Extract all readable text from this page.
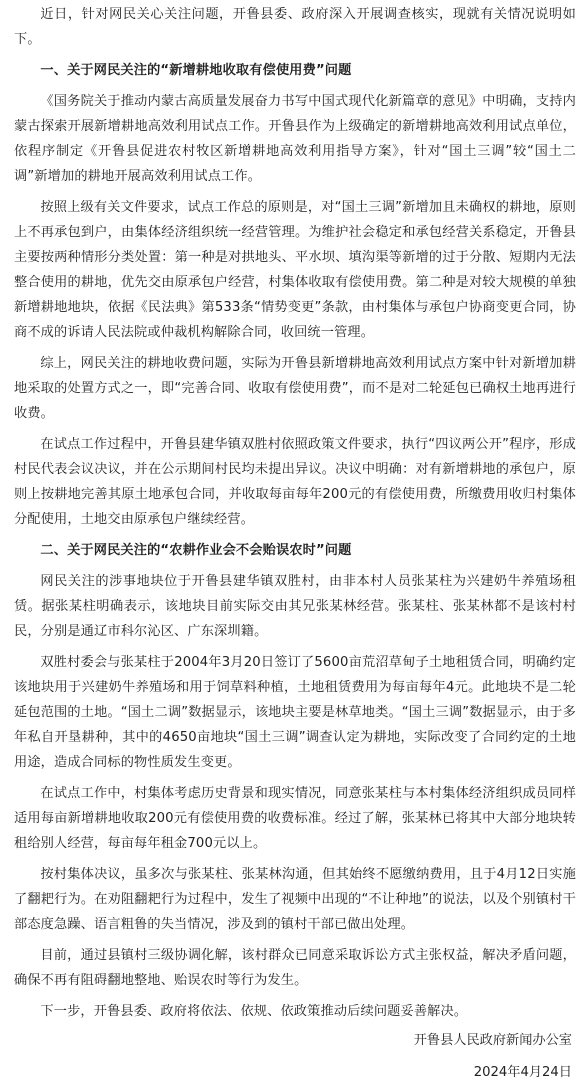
近日，针对网民关心关注问题，开鲁县委、政府深入开展调查核实，现就有关情况说明如下。

一、关于网民关注的“新增耕地收取有偿使用费”问题

《国务院关于推动内蒙古高质量发展奋力书写中国式现代化新篇章的意见》中明确，支持内蒙古探索开展新增耕地高效利用试点工作。开鲁县作为上级确定的新增耕地高效利用试点单位，依程序制定《开鲁县促进农村牧区新增耕地高效利用指导方案》，针对“国土三调”较“国土二调”新增加的耕地开展高效利用试点工作。

按照上级有关文件要求，试点工作总的原则是，对“国土三调”新增加且未确权的耕地，原则上不再承包到户，由集体经济组织统一经营管理。为维护社会稳定和承包经营关系稳定，开鲁县主要按两种情形分类处置：第一种是对拱地头、平水坝、填沟渠等新增的过于分散、短期内无法整合使用的耕地，优先交由原承包户经营，村集体收取有偿使用费。第二种是对较大规模的单独新增耕地地块，依据《民法典》第533条“情势变更”条款，由村集体与承包户协商变更合同，协商不成的诉请人民法院或仲裁机构解除合同，收回统一管理。

综上，网民关注的耕地收费问题，实际为开鲁县新增耕地高效利用试点方案中针对新增加耕地采取的处置方式之一，即“完善合同、收取有偿使用费”，而不是对二轮延包已确权土地再进行收费。

在试点工作过程中，开鲁县建华镇双胜村依照政策文件要求，执行“四议两公开”程序，形成村民代表会议决议，并在公示期间村民均未提出异议。决议中明确：对有新增耕地的承包户，原则上按耕地完善其原土地承包合同，并收取每亩每年200元的有偿使用费，所缴费用收归村集体分配使用，土地交由原承包户继续经营。

二、关于网民关注的“农耕作业会不会贻误农时”问题

网民关注的涉事地块位于开鲁县建华镇双胜村，由非本村人员张某柱为兴建奶牛养殖场租赁。据张某柱明确表示，该地块目前实际交由其兄张某林经营。张某柱、张某林都不是该村村民，分别是通辽市科尔沁区、广东深圳籍。

双胜村委会与张某柱于2004年3月20日签订了5600亩荒沼草甸子土地租赁合同，明确约定该地块用于兴建奶牛养殖场和用于饲草料种植，土地租赁费用为每亩每年4元。此地块不是二轮延包范围的土地。“国土二调”数据显示，该地块主要是林草地类。“国土三调”数据显示，由于多年私自开垦耕种，其中的4650亩地块“国土三调”调查认定为耕地，实际改变了合同约定的土地用途，造成合同标的物性质发生变更。

在试点工作中，村集体考虑历史背景和现实情况，同意张某柱与本村集体经济组织成员同样适用每亩新增耕地收取200元有偿使用费的收费标准。经过了解，张某林已将其中大部分地块转租给别人经营，每亩每年租金700元以上。

按村集体决议，虽多次与张某柱、张某林沟通，但其始终不愿缴纳费用，且于4月12日实施了翻耙行为。在劝阻翻耙行为过程中，发生了视频中出现的“不让种地”的说法，以及个别镇村干部态度急躁、语言粗鲁的失当情况，涉及到的镇村干部已做出处理。

目前，通过县镇村三级协调化解，该村群众已同意采取诉讼方式主张权益，解决矛盾问题，确保不再有阻碍翻地整地、贻误农时等行为发生。

下一步，开鲁县委、政府将依法、依规、依政策推动后续问题妥善解决。

开鲁县人民政府新闻办公室
2024年4月24日
